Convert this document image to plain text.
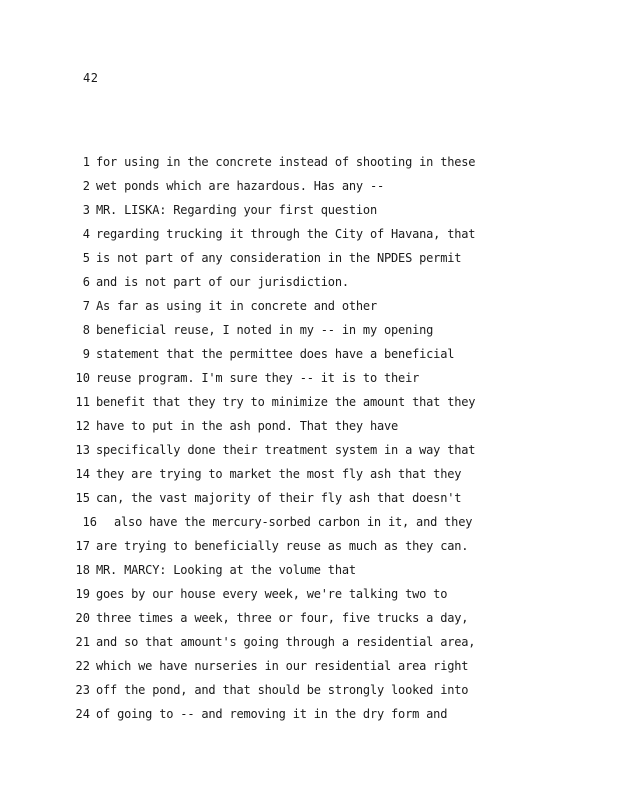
42
1 for using in the concrete instead of shooting in these
2 wet ponds which are hazardous. Has any --
3 MR. LISKA: Regarding your first question
4 regarding trucking it through the City of Havana, that
5 is not part of any consideration in the NPDES permit
6 and is not part of our jurisdiction.
7 As far as using it in concrete and other
8 beneficial reuse, I noted in my -- in my opening
9 statement that the permittee does have a beneficial
10 reuse program. I'm sure they -- it is to their
11 benefit that they try to minimize the amount that they
12 have to put in the ash pond. That they have
13 specifically done their treatment system in a way that
14 they are trying to market the most fly ash that they
15 can, the vast majority of their fly ash that doesn't
16 also have the mercury-sorbed carbon in it, and they
17 are trying to beneficially reuse as much as they can.
18 MR. MARCY: Looking at the volume that
19 goes by our house every week, we're talking two to
20 three times a week, three or four, five trucks a day,
21 and so that amount's going through a residential area,
22 which we have nurseries in our residential area right
23 off the pond, and that should be strongly looked into
24 of going to -- and removing it in the dry form and
